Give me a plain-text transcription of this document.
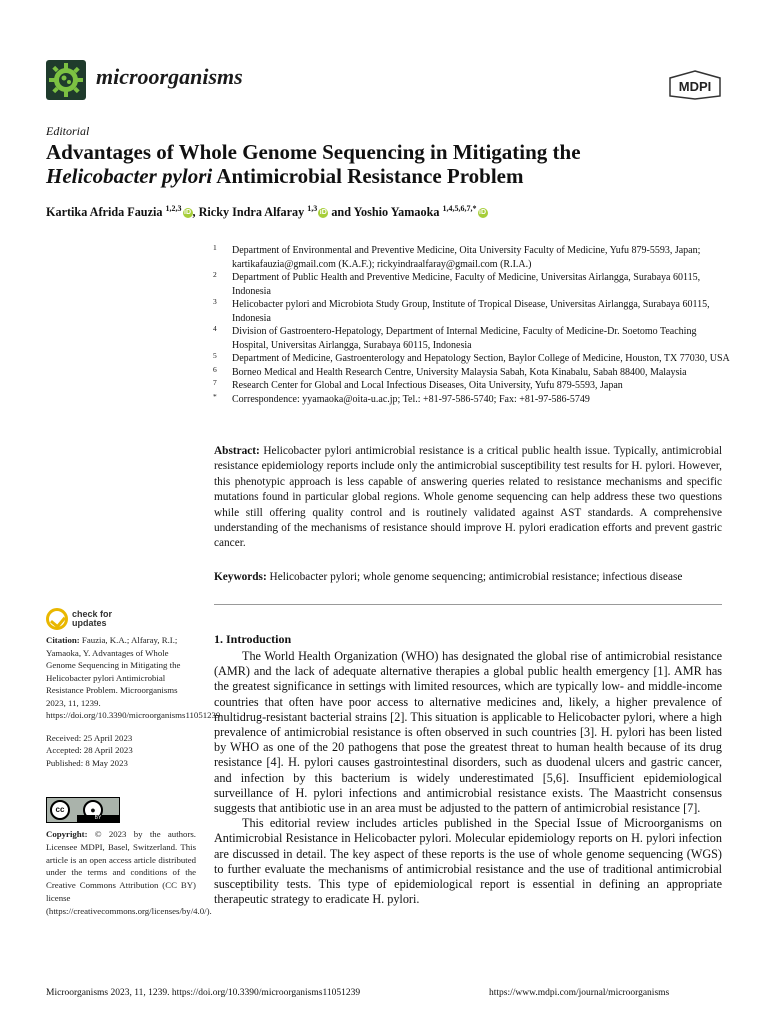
microorganisms	MDPI
Editorial
Advantages of Whole Genome Sequencing in Mitigating the
Helicobacter pylori Antimicrobial Resistance Problem
Kartika Afrida Fauzia $^{1,2,3}$ iD , Ricky Indra Alfaray $^{1,3}$ iD and Yoshio Yamaoka $^{1,4,5,6,7,*}$ iD
1 Department of Environmental and Preventive Medicine, Oita University Faculty of Medicine, Yufu 879-5593, Japan; kartikafauzia@gmail.com (K.A.F.); rickyindraalfaray@gmail.com (R.I.A.)
2 Department of Public Health and Preventive Medicine, Faculty of Medicine, Universitas Airlangga, Surabaya 60115, Indonesia
3 Helicobacter pylori and Microbiota Study Group, Institute of Tropical Disease, Universitas Airlangga, Surabaya 60115, Indonesia
4 Division of Gastroentero-Hepatology, Department of Internal Medicine, Faculty of Medicine-Dr. Soetomo Teaching Hospital, Universitas Airlangga, Surabaya 60115, Indonesia
5 Department of Medicine, Gastroenterology and Hepatology Section, Baylor College of Medicine, Houston, TX 77030, USA
6 Borneo Medical and Health Research Centre, University Malaysia Sabah, Kota Kinabalu, Sabah 88400, Malaysia
7 Research Center for Global and Local Infectious Diseases, Oita University, Yufu 879-5593, Japan
* Correspondence: yyamaoka@oita-u.ac.jp; Tel.: +81-97-586-5740; Fax: +81-97-586-5749
Abstract: Helicobacter pylori antimicrobial resistance is a critical public health issue. Typically, antimicrobial resistance epidemiology reports include only the antimicrobial susceptibility test results for H. pylori. However, this phenotypic approach is less capable of answering queries related to resistance mechanisms and specific mutations found in particular global regions. Whole genome sequencing can help address these two questions while still offering quality control and is routinely validated against AST standards. A comprehensive understanding of the mechanisms of resistance should improve H. pylori eradication efforts and prevent gastric cancer.
Keywords: Helicobacter pylori; whole genome sequencing; antimicrobial resistance; infectious disease
check for
updates

Citation: Fauzia, K.A.; Alfaray, R.I.; Yamaoka, Y. Advantages of Whole Genome Sequencing in Mitigating the Helicobacter pylori Antimicrobial Resistance Problem. Microorganisms 2023, 11, 1239. https://doi.org/10.3390/microorganisms11051239

Received: 25 April 2023

Accepted: 28 April 2023

Published: 8 May 2023

cc	●
BY
Copyright: © 2023 by the authors. Licensee MDPI, Basel, Switzerland. This article is an open access article distributed under the terms and conditions of the Creative Commons Attribution (CC BY) license (https://creativecommons.org/licenses/by/4.0/).
1. Introduction

The World Health Organization (WHO) has designated the global rise of antimicrobial resistance (AMR) and the lack of adequate alternative therapies a global public health emergency [1]. AMR has the greatest significance in settings with limited resources, which are typically low- and middle-income countries that often have poor access to alternative medicines and, likely, a higher prevalence of multidrug-resistant bacterial strains [2]. This situation is applicable to Helicobacter pylori, where a high prevalence of antimicrobial resistance is often observed in such countries [3]. H. pylori has been listed by WHO as one of the 20 pathogens that pose the greatest threat to human health because of its drug resistance [4]. H. pylori causes gastrointestinal disorders, such as duodenal ulcers and gastric cancer, and infection by this bacterium is widely underestimated [5,6]. Insufficient epidemiological surveillance of H. pylori infections and antimicrobial resistance exists. The Maastricht consensus suggests that antibiotic use in an area must be adjusted to the pattern of antimicrobial resistance [7].

This editorial review includes articles published in the Special Issue of Microorganisms on Antimicrobial Resistance in Helicobacter pylori. Molecular epidemiology reports on H. pylori infection are discussed in detail. The key aspect of these reports is the use of whole genome sequencing (WGS) to further evaluate the mechanisms of antimicrobial resistance and the use of traditional antimicrobial susceptibility tests. This type of epidemiological report is essential in defining an appropriate therapeutic strategy to eradicate H. pylori.

Microorganisms 2023, 11, 1239. https://doi.org/10.3390/microorganisms11051239	https://www.mdpi.com/journal/microorganisms
